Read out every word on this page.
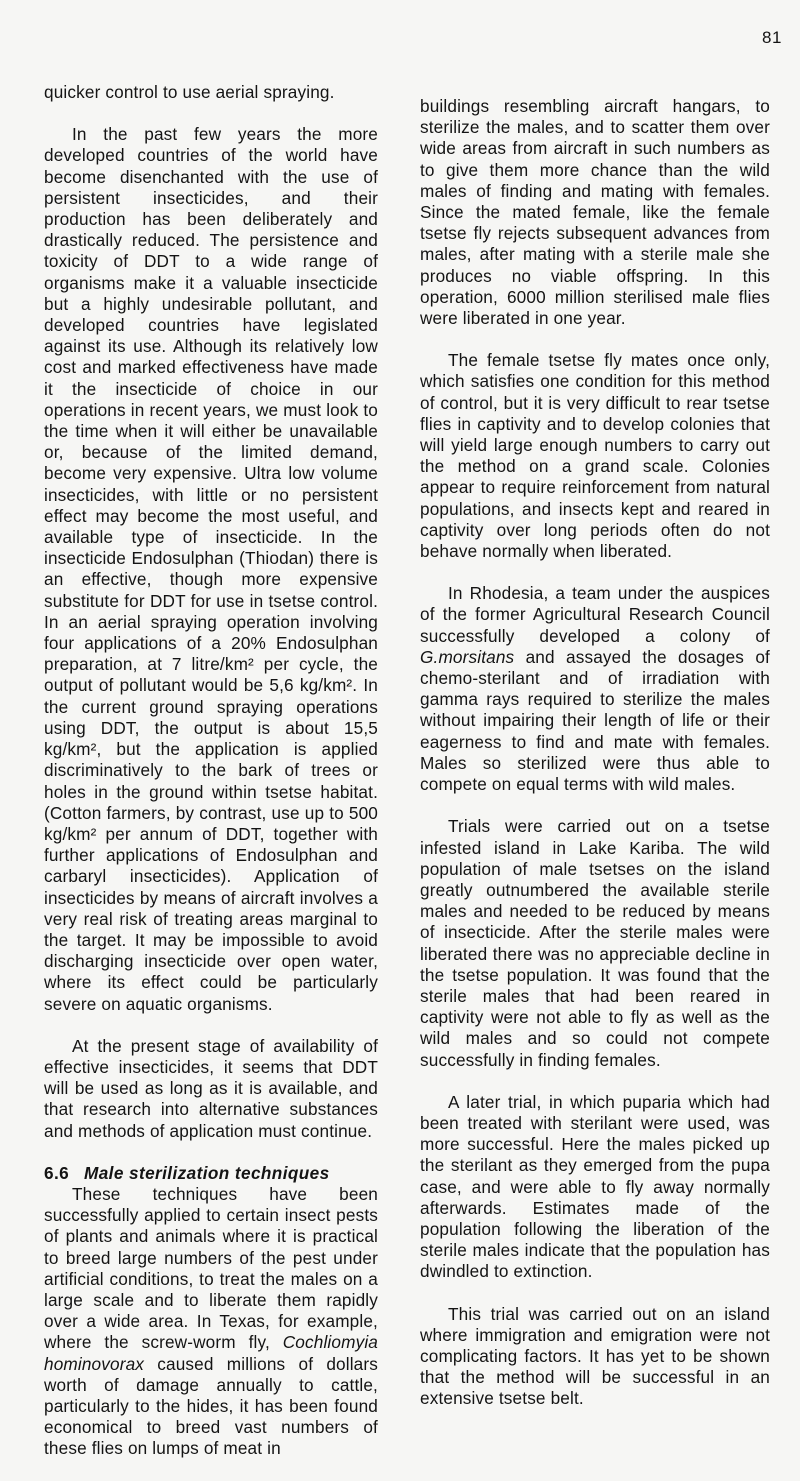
81

quicker control to use aerial spraying.

In the past few years the more developed countries of the world have become disenchanted with the use of persistent insecticides, and their production has been deliberately and drastically reduced. The persistence and toxicity of DDT to a wide range of organisms make it a valuable insecticide but a highly undesirable pollutant, and developed countries have legislated against its use. Although its relatively low cost and marked effectiveness have made it the insecticide of choice in our operations in recent years, we must look to the time when it will either be unavailable or, because of the limited demand, become very expensive. Ultra low volume insecticides, with little or no persistent effect may become the most useful, and available type of insecticide. In the insecticide Endosulphan (Thiodan) there is an effective, though more expensive substitute for DDT for use in tsetse control. In an aerial spraying operation involving four applications of a 20% Endosulphan preparation, at 7 litre/km² per cycle, the output of pollutant would be 5,6 kg/km². In the current ground spraying operations using DDT, the output is about 15,5 kg/km², but the application is applied discriminatively to the bark of trees or holes in the ground within tsetse habitat. (Cotton farmers, by contrast, use up to 500 kg/km² per annum of DDT, together with further applications of Endosulphan and carbaryl insecticides). Application of insecticides by means of aircraft involves a very real risk of treating areas marginal to the target. It may be impossible to avoid discharging insecticide over open water, where its effect could be particularly severe on aquatic organisms.

At the present stage of availability of effective insecticides, it seems that DDT will be used as long as it is available, and that research into alternative substances and methods of application must continue.

6.6 Male sterilization techniques

These techniques have been successfully applied to certain insect pests of plants and animals where it is practical to breed large numbers of the pest under artificial conditions, to treat the males on a large scale and to liberate them rapidly over a wide area. In Texas, for example, where the screw-worm fly, Cochliomyia hominovorax caused millions of dollars worth of damage annually to cattle, particularly to the hides, it has been found economical to breed vast numbers of these flies on lumps of meat in

buildings resembling aircraft hangars, to sterilize the males, and to scatter them over wide areas from aircraft in such numbers as to give them more chance than the wild males of finding and mating with females. Since the mated female, like the female tsetse fly rejects subsequent advances from males, after mating with a sterile male she produces no viable offspring. In this operation, 6000 million sterilised male flies were liberated in one year.

The female tsetse fly mates once only, which satisfies one condition for this method of control, but it is very difficult to rear tsetse flies in captivity and to develop colonies that will yield large enough numbers to carry out the method on a grand scale. Colonies appear to require reinforcement from natural populations, and insects kept and reared in captivity over long periods often do not behave normally when liberated.

In Rhodesia, a team under the auspices of the former Agricultural Research Council successfully developed a colony of G.morsitans and assayed the dosages of chemo-sterilant and of irradiation with gamma rays required to sterilize the males without impairing their length of life or their eagerness to find and mate with females. Males so sterilized were thus able to compete on equal terms with wild males.

Trials were carried out on a tsetse infested island in Lake Kariba. The wild population of male tsetses on the island greatly outnumbered the available sterile males and needed to be reduced by means of insecticide. After the sterile males were liberated there was no appreciable decline in the tsetse population. It was found that the sterile males that had been reared in captivity were not able to fly as well as the wild males and so could not compete successfully in finding females.

A later trial, in which puparia which had been treated with sterilant were used, was more successful. Here the males picked up the sterilant as they emerged from the pupa case, and were able to fly away normally afterwards. Estimates made of the population following the liberation of the sterile males indicate that the population has dwindled to extinction.

This trial was carried out on an island where immigration and emigration were not complicating factors. It has yet to be shown that the method will be successful in an extensive tsetse belt.
